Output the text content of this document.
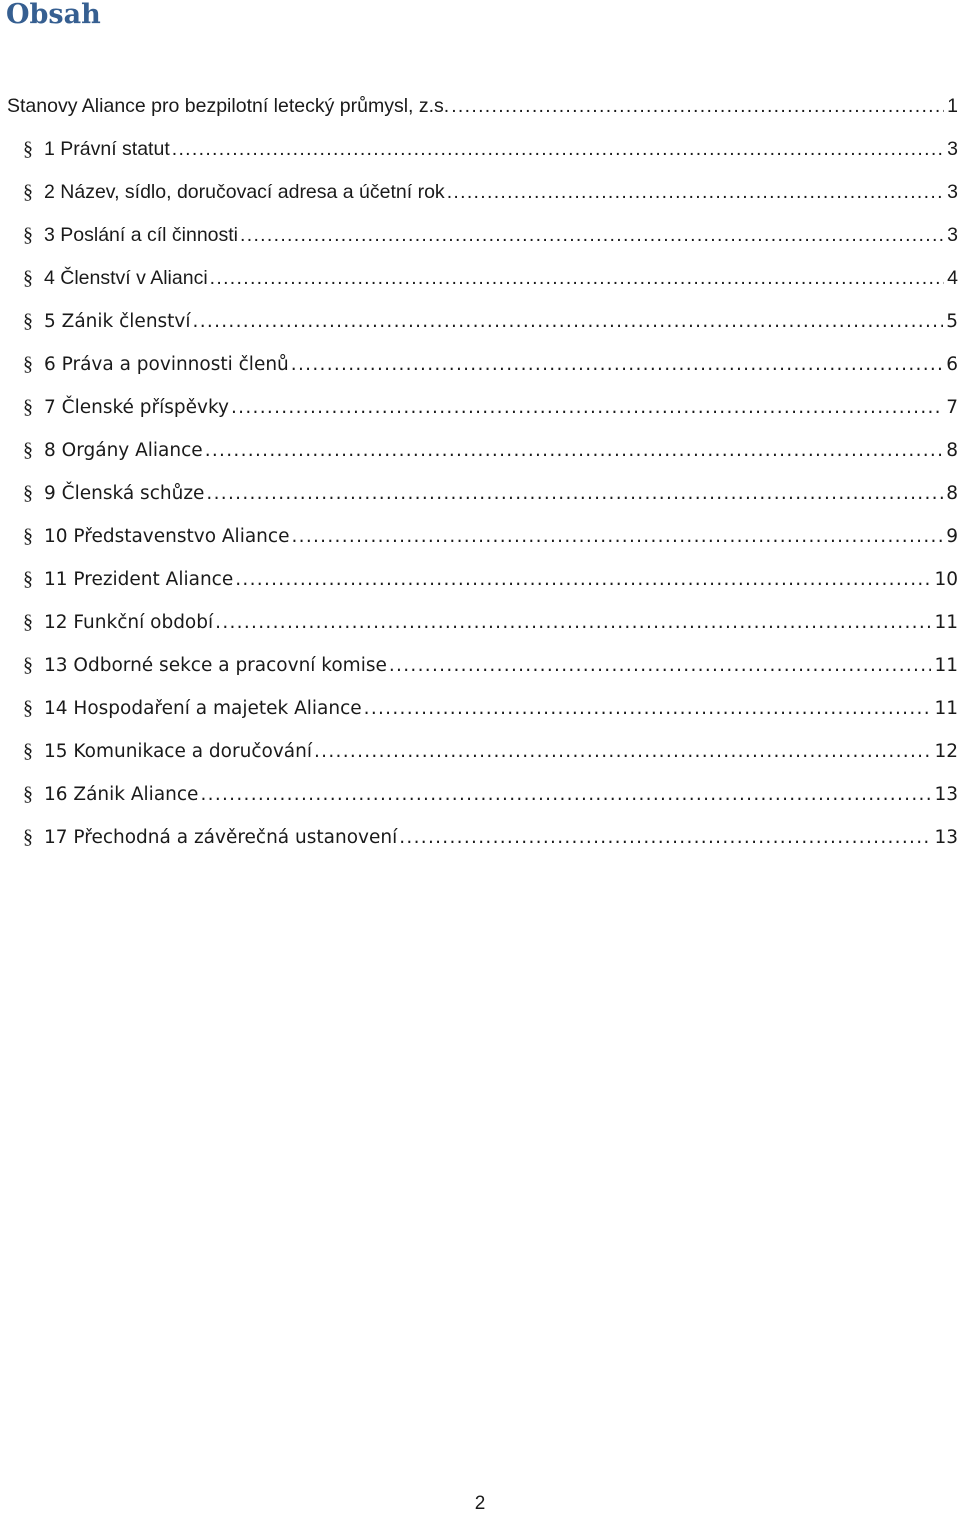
Obsah
Stanovy Aliance pro bezpilotní letecký průmysl, z.s. .....	1
§ 1 Právní statut .....	3
§ 2 Název, sídlo, doručovací adresa a účetní rok .....	3
§ 3 Poslání a cíl činnosti .....	3
§ 4 Členství v Alianci .....	4
§ 5 Zánik členství .....	5
§ 6 Práva a povinnosti členů .....	6
§ 7 Členské příspěvky .....	7
§ 8 Orgány Aliance .....	8
§ 9 Členská schůze .....	8
§ 10 Představenstvo Aliance .....	9
§ 11 Prezident Aliance .....	10
§ 12 Funkční období .....	11
§ 13 Odborné sekce a pracovní komise .....	11
§ 14 Hospodaření a majetek Aliance .....	11
§ 15 Komunikace a doručování .....	12
§ 16 Zánik Aliance .....	13
§ 17 Přechodná a závěrečná ustanovení .....	13

2
